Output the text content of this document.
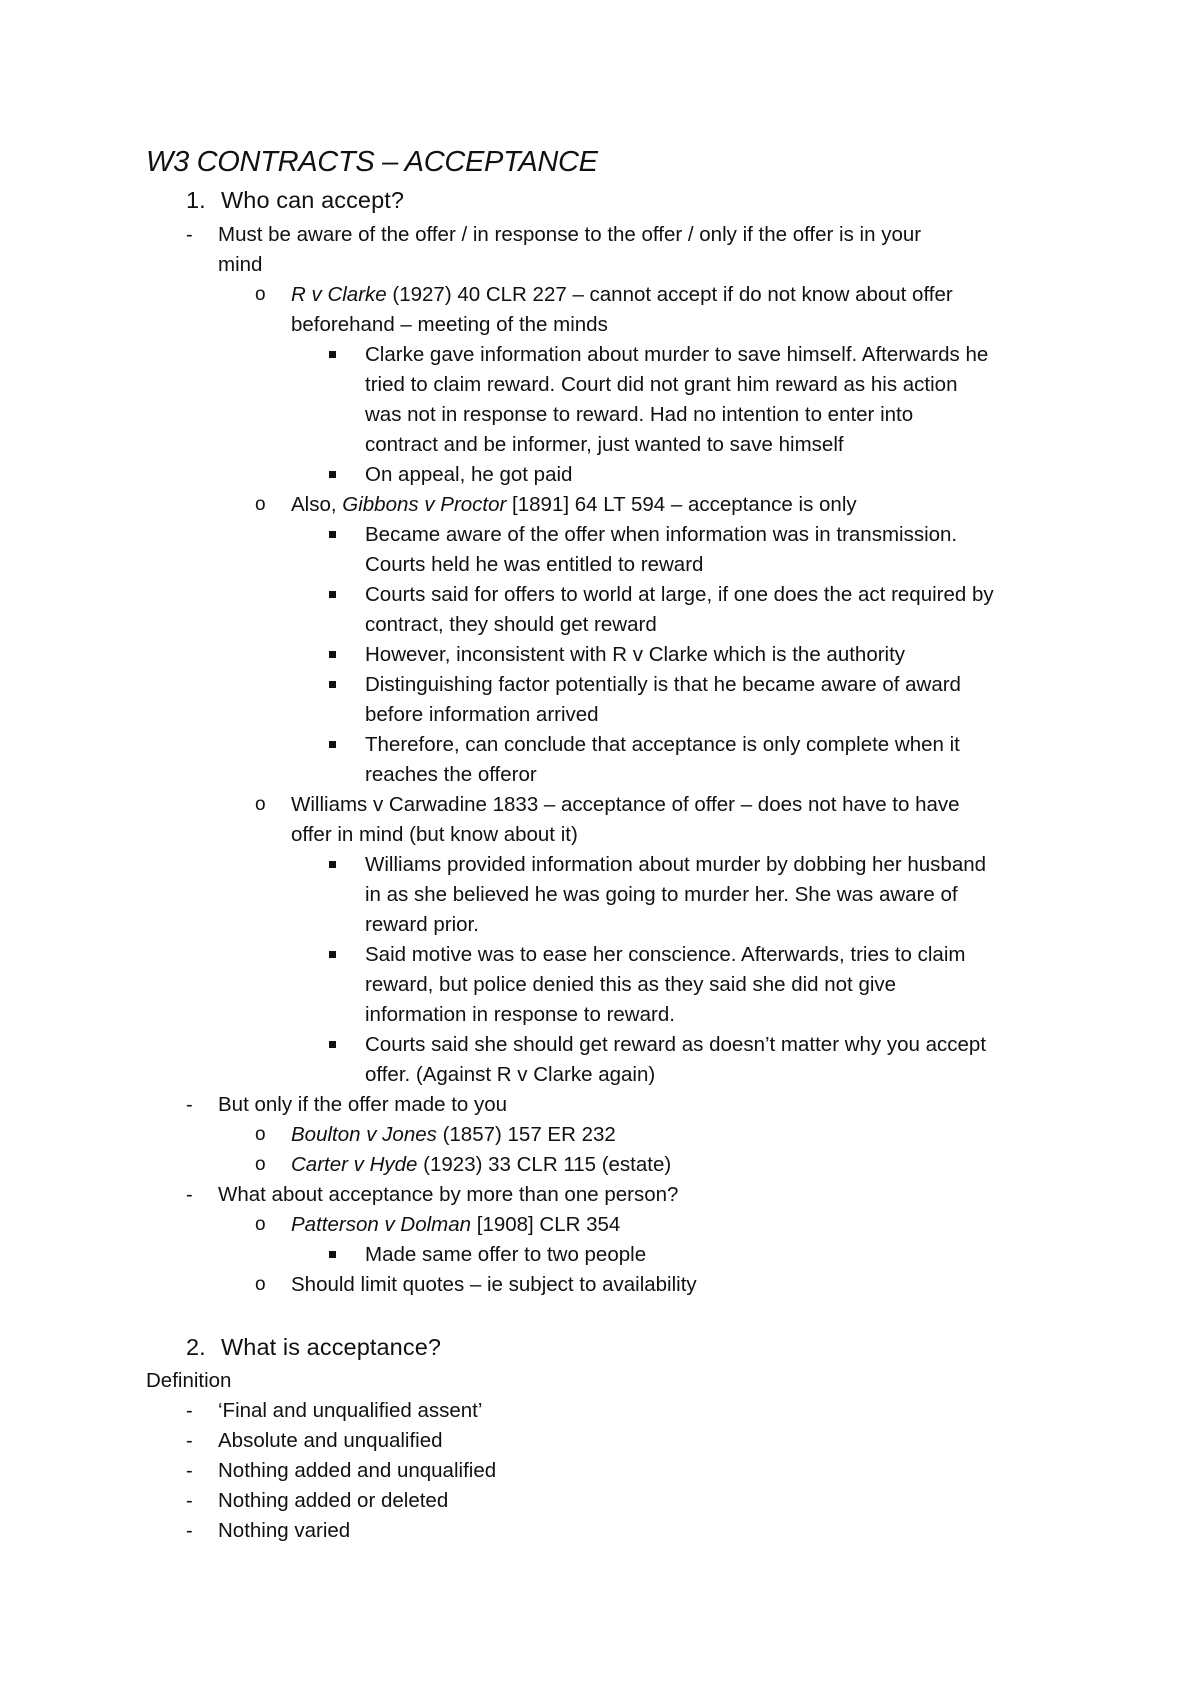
W3 CONTRACTS – ACCEPTANCE
1. Who can accept?
- Must be aware of the offer / in response to the offer / only if the offer is in your
mind
o R v Clarke (1927) 40 CLR 227 – cannot accept if do not know about offer
beforehand – meeting of the minds
Clarke gave information about murder to save himself. Afterwards he
tried to claim reward. Court did not grant him reward as his action
was not in response to reward. Had no intention to enter into
contract and be informer, just wanted to save himself
On appeal, he got paid
o Also, Gibbons v Proctor [1891] 64 LT 594 – acceptance is only
Became aware of the offer when information was in transmission.
Courts held he was entitled to reward
Courts said for offers to world at large, if one does the act required by
contract, they should get reward
However, inconsistent with R v Clarke which is the authority
Distinguishing factor potentially is that he became aware of award
before information arrived
Therefore, can conclude that acceptance is only complete when it
reaches the offeror
o Williams v Carwadine 1833 – acceptance of offer – does not have to have
offer in mind (but know about it)
Williams provided information about murder by dobbing her husband
in as she believed he was going to murder her. She was aware of
reward prior.
Said motive was to ease her conscience. Afterwards, tries to claim
reward, but police denied this as they said she did not give
information in response to reward.
Courts said she should get reward as doesn’t matter why you accept
offer. (Against R v Clarke again)
- But only if the offer made to you
o Boulton v Jones (1857) 157 ER 232
o Carter v Hyde (1923) 33 CLR 115 (estate)
- What about acceptance by more than one person?
o Patterson v Dolman [1908] CLR 354
Made same offer to two people
o Should limit quotes – ie subject to availability
2. What is acceptance?
Definition
- ‘Final and unqualified assent’
- Absolute and unqualified
- Nothing added and unqualified
- Nothing added or deleted
- Nothing varied
